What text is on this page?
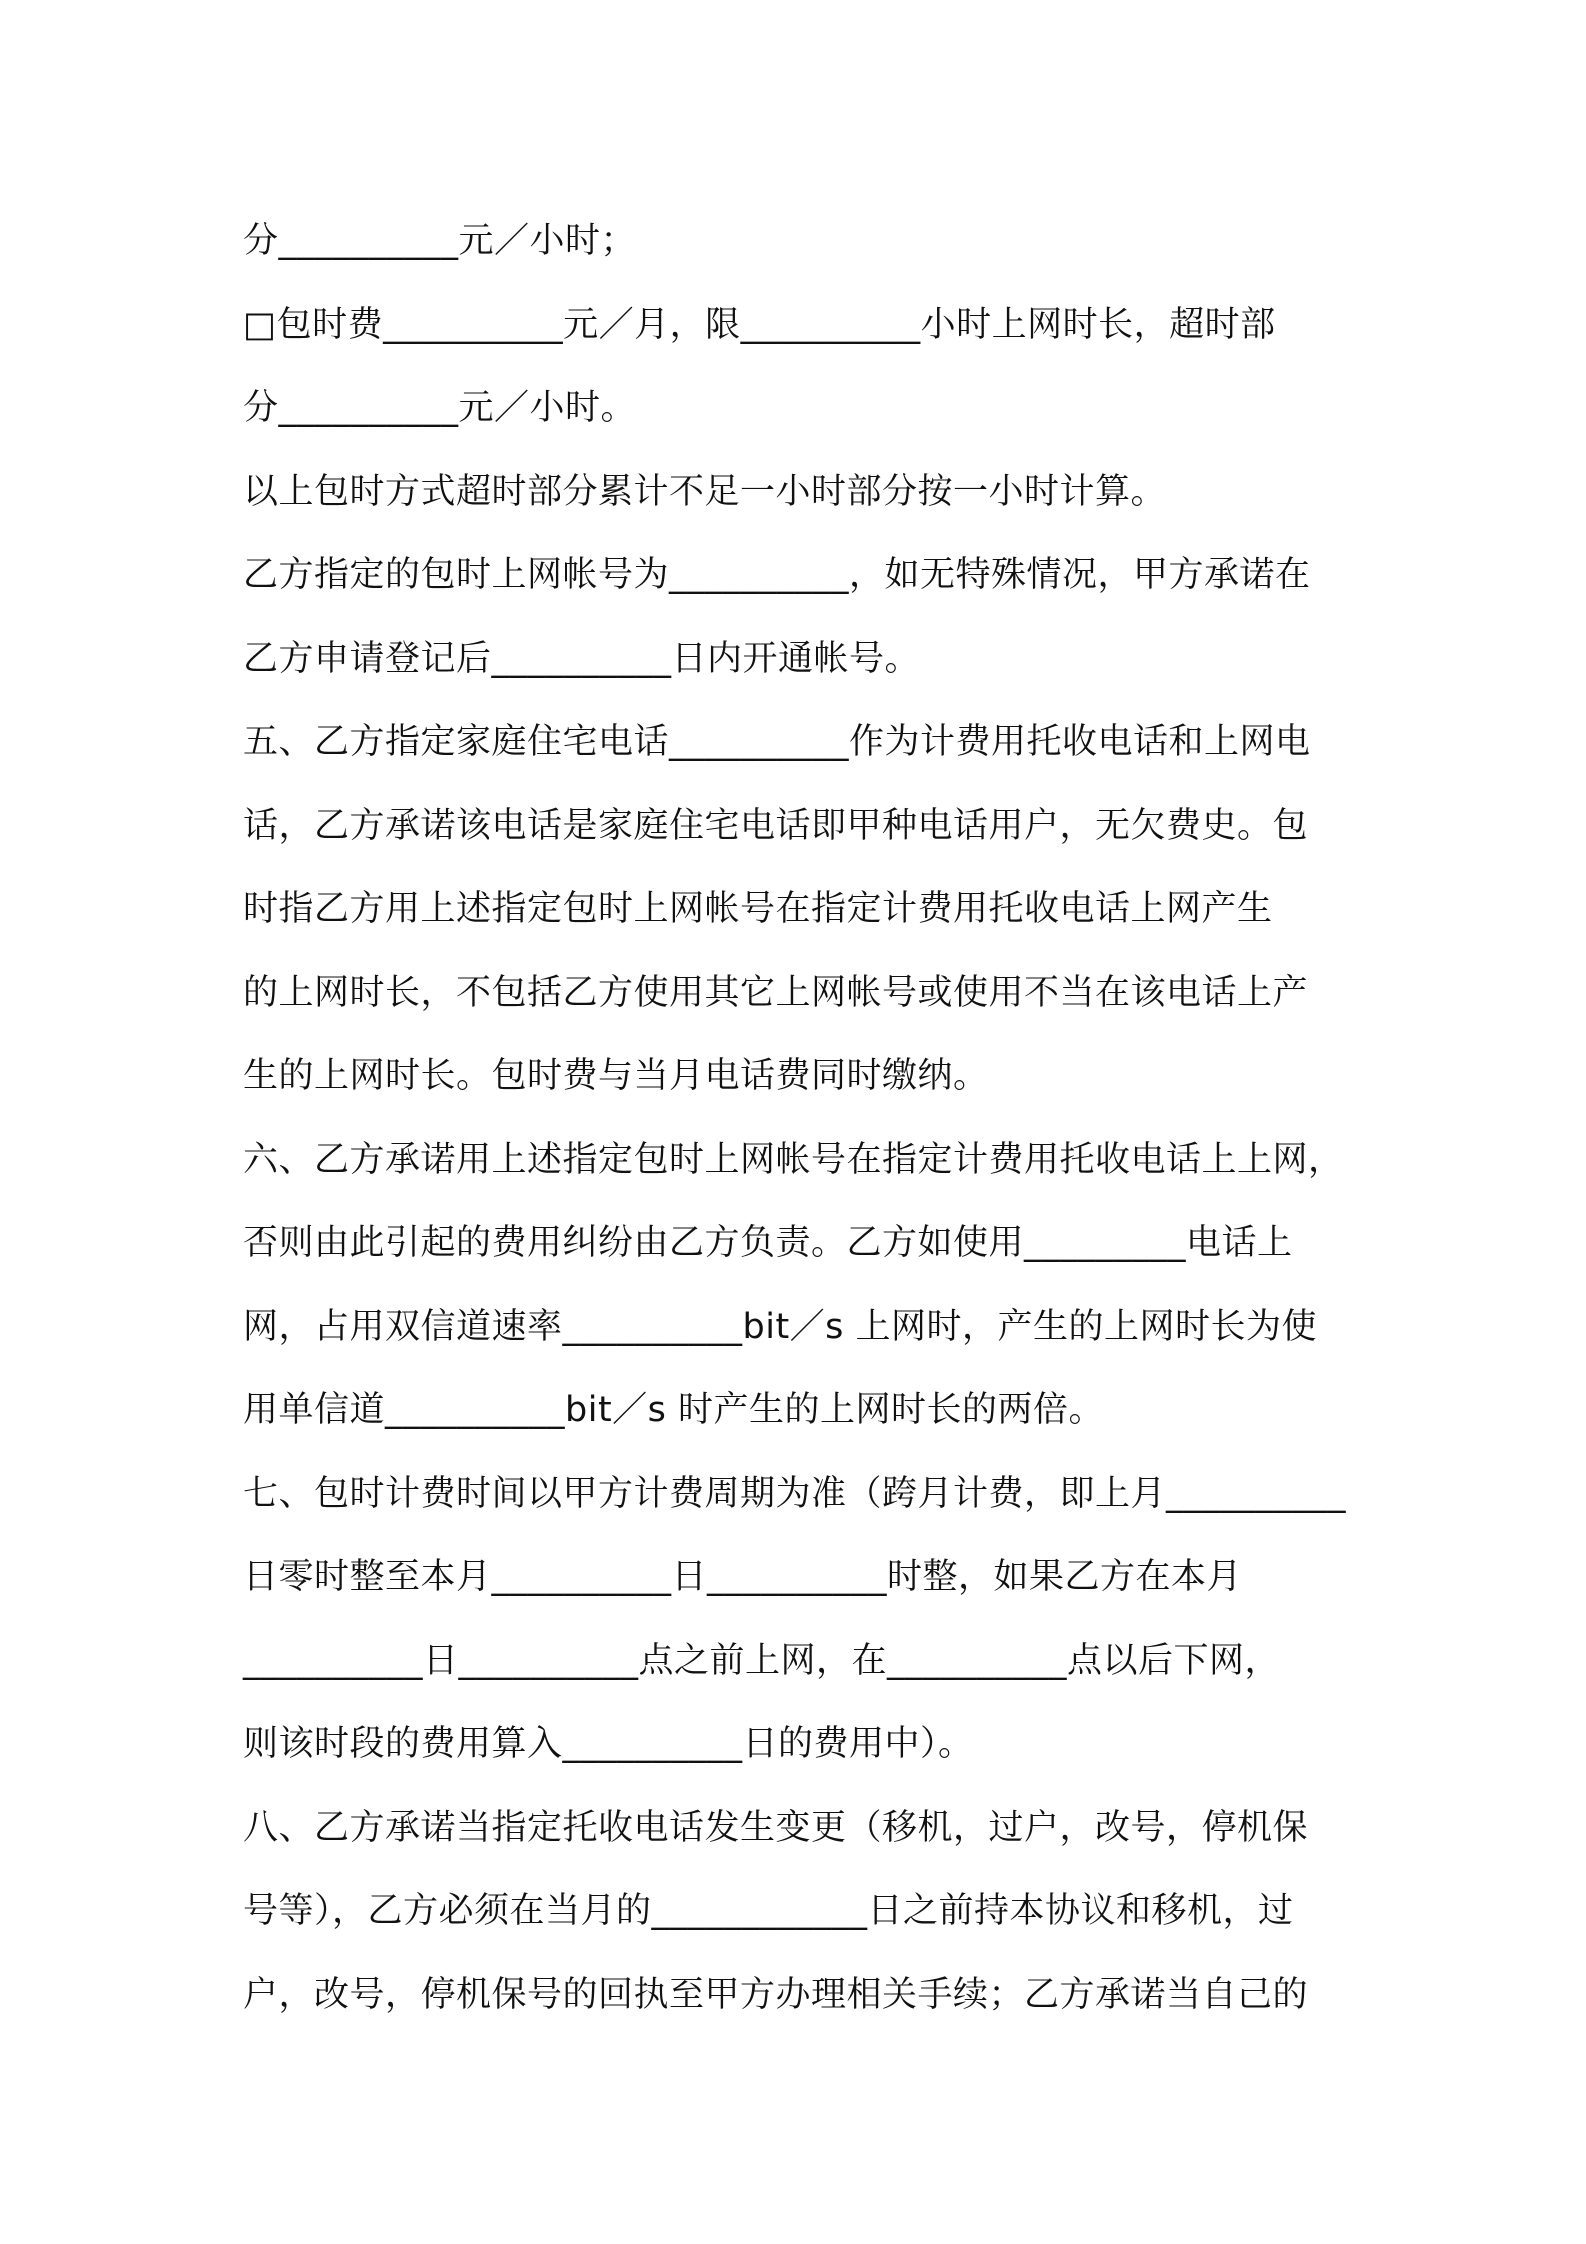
分__________元／小时；
□包时费__________元／月，限__________小时上网时长，超时部
分__________元／小时。
以上包时方式超时部分累计不足一小时部分按一小时计算。
乙方指定的包时上网帐号为__________，如无特殊情况，甲方承诺在
乙方申请登记后__________日内开通帐号。
五、乙方指定家庭住宅电话__________作为计费用托收电话和上网电
话，乙方承诺该电话是家庭住宅电话即甲种电话用户，无欠费史。包
时指乙方用上述指定包时上网帐号在指定计费用托收电话上网产生
的上网时长，不包括乙方使用其它上网帐号或使用不当在该电话上产
生的上网时长。包时费与当月电话费同时缴纳。
六、乙方承诺用上述指定包时上网帐号在指定计费用托收电话上上网，
否则由此引起的费用纠纷由乙方负责。乙方如使用_________电话上
网，占用双信道速率__________bit／s 上网时，产生的上网时长为使
用单信道__________bit／s 时产生的上网时长的两倍。
七、包时计费时间以甲方计费周期为准（跨月计费，即上月__________
日零时整至本月__________日__________时整，如果乙方在本月
__________日__________点之前上网，在__________点以后下网，
则该时段的费用算入__________日的费用中）。
八、乙方承诺当指定托收电话发生变更（移机，过户，改号，停机保
号等），乙方必须在当月的____________日之前持本协议和移机，过
户，改号，停机保号的回执至甲方办理相关手续；乙方承诺当自己的
